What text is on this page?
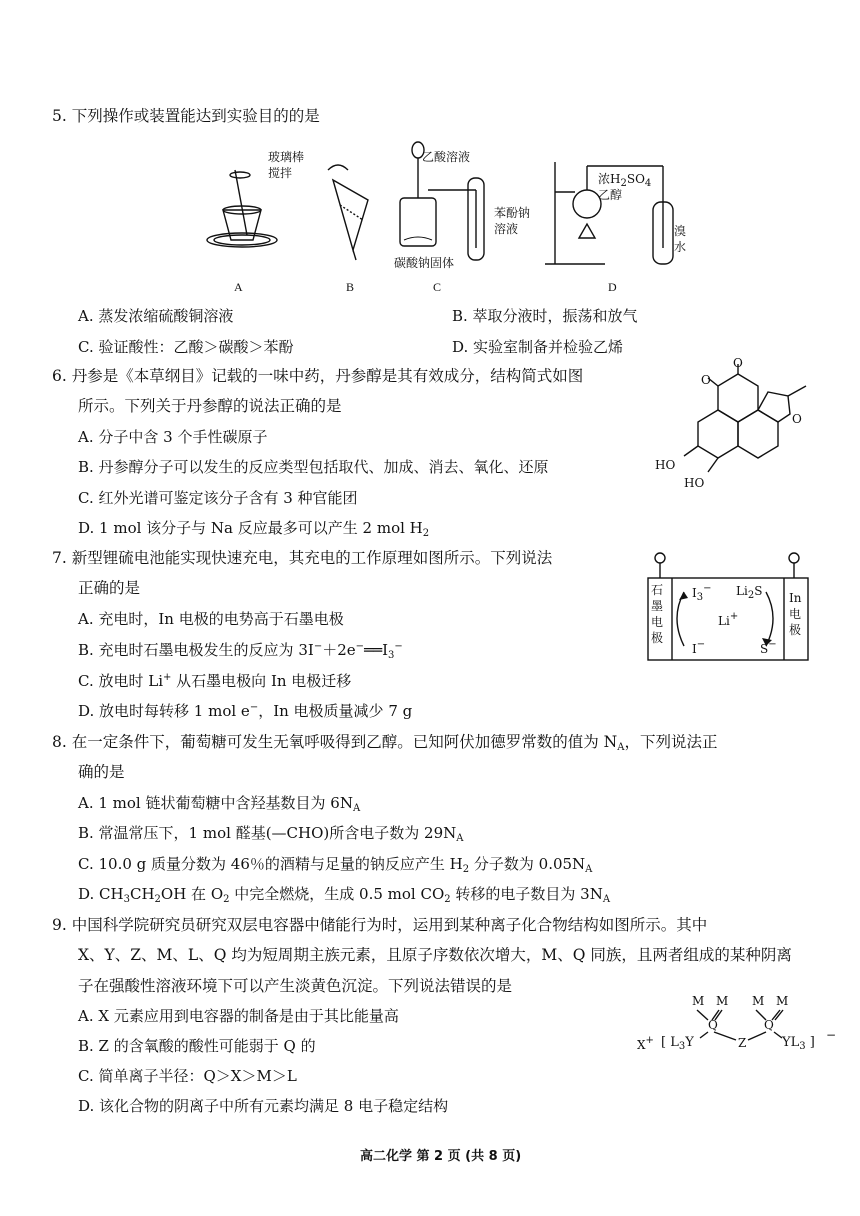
5. 下列操作或装置能达到实验目的的是
玻璃棒
搅拌
乙酸溶液
苯酚钠
溶液
碳酸钠固体
浓$H_2SO_4$
乙醇
溴
水
A	B	C	D
A. 蒸发浓缩硫酸铜溶液	B. 萃取分液时，振荡和放气
C. 验证酸性：乙酸＞碳酸＞苯酚	D. 实验室制备并检验乙烯
6. 丹参是《本草纲目》记载的一味中药，丹参醇是其有效成分，结构简式如图
所示。下列关于丹参醇的说法正确的是
A. 分子中含 3 个手性碳原子
B. 丹参醇分子可以发生的反应类型包括取代、加成、消去、氧化、还原
C. 红外光谱可鉴定该分子含有 3 种官能团
D. 1 mol 该分子与 Na 反应最多可以产生 2 mol $H_2$
O
O
O
HO
HO
7. 新型锂硫电池能实现快速充电，其充电的工作原理如图所示。下列说法
正确的是
A. 充电时，In 电极的电势高于石墨电极
B. 充电时石墨电极发生的反应为 $3I^-+2e^-══I_3^-$
C. 放电时 Li+ 从石墨电极向 In 电极迁移
D. 放电时每转移 1 mol e−，In 电极质量减少 7 g
石
墨
电
极
In
电
极
$I_3^-$ $Li_2S$
Li+
I−	S−
8. 在一定条件下，葡萄糖可发生无氧呼吸得到乙醇。已知阿伏加德罗常数的值为 $N_A$，下列说法正
确的是
A. 1 mol 链状葡萄糖中含羟基数目为 $6N_A$
B. 常温常压下，1 mol 醛基(—CHO)所含电子数为 $29N_A$
C. 10.0 g 质量分数为 46％的酒精与足量的钠反应产生 $H_2$ 分子数为 $0.05N_A$
D. $CH_3CH_2OH$ 在 $O_2$ 中完全燃烧，生成 0.5 mol $CO_2$ 转移的电子数目为 $3N_A$
9. 中国科学院研究员研究双层电容器中储能行为时，运用到某种离子化合物结构如图所示。其中
X、Y、Z、M、L、Q 均为短周期主族元素，且原子序数依次增大，M、Q 同族，且两者组成的某种阴离
子在强酸性溶液环境下可以产生淡黄色沉淀。下列说法错误的是
A. X 元素应用到电容器的制备是由于其比能量高
B. Z 的含氧酸的酸性可能弱于 Q 的
C. 简单离子半径：Q＞X＞M＞L
D. 该化合物的阴离子中所有元素均满足 8 电子稳定结构
X+ [ $L_3Y$
Q
Z
Q
$YL_3$ ] −
M M M M
高二化学 第 2 页 (共 8 页)
